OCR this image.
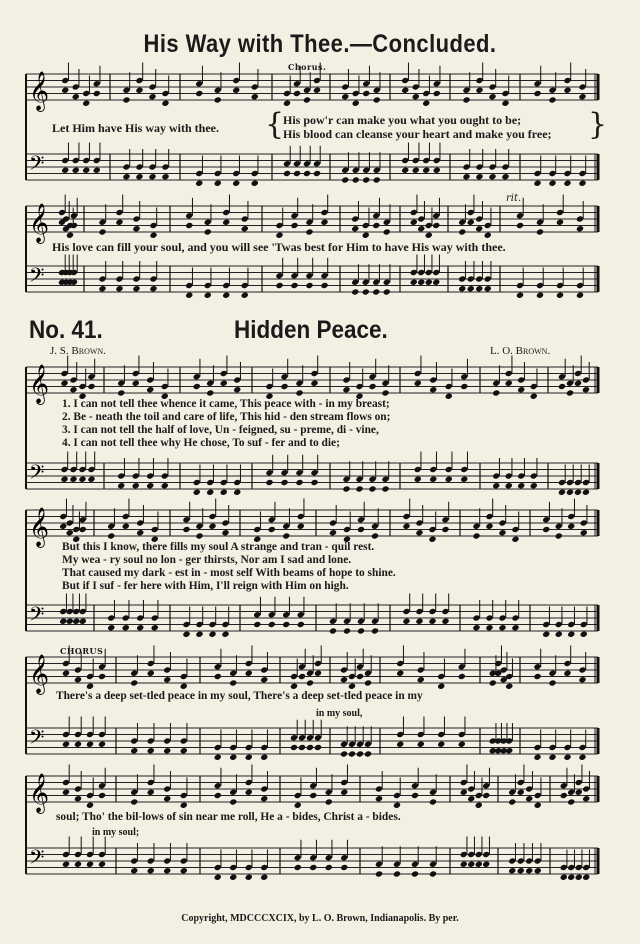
His Way with Thee.—Concluded.
𝄞
𝄢
𝄞
𝄢
𝄞
𝄢
𝄞
𝄢
𝄞
𝄢
𝄞
𝄢
Chorus.
Let Him have His way with thee. {
His pow'r can make you what you ought to be;
His blood can cleanse your heart and make you free; }
His love can fill your soul, and you will see 'Twas best for Him to have His way with thee.
rit.
No. 41.	Hidden Peace.
J. S. Brown.	L. O. Brown.
1. I can not tell thee whence it came, This peace with - in my breast;
2. Be - neath the toil and care of life, This hid - den stream flows on;
3. I can not tell the half of love, Un - feigned, su - preme, di - vine,
4. I can not tell thee why He chose, To suf - fer and to die;
But this I know, there fills my soul A strange and tran - quil rest.
My wea - ry soul no lon - ger thirsts, Nor am I sad and lone.
That caused my dark - est in - most self With beams of hope to shine.
But if I suf - fer here with Him, I'll reign with Him on high.
CHORUS
There's a deep set-tled peace in my soul, There's a deep set-tled peace in my
in my soul,
soul; Tho' the bil-lows of sin near me roll, He a - bides, Christ a - bides.
in my soul;
Copyright, MDCCCXCIX, by L. O. Brown, Indianapolis. By per.
